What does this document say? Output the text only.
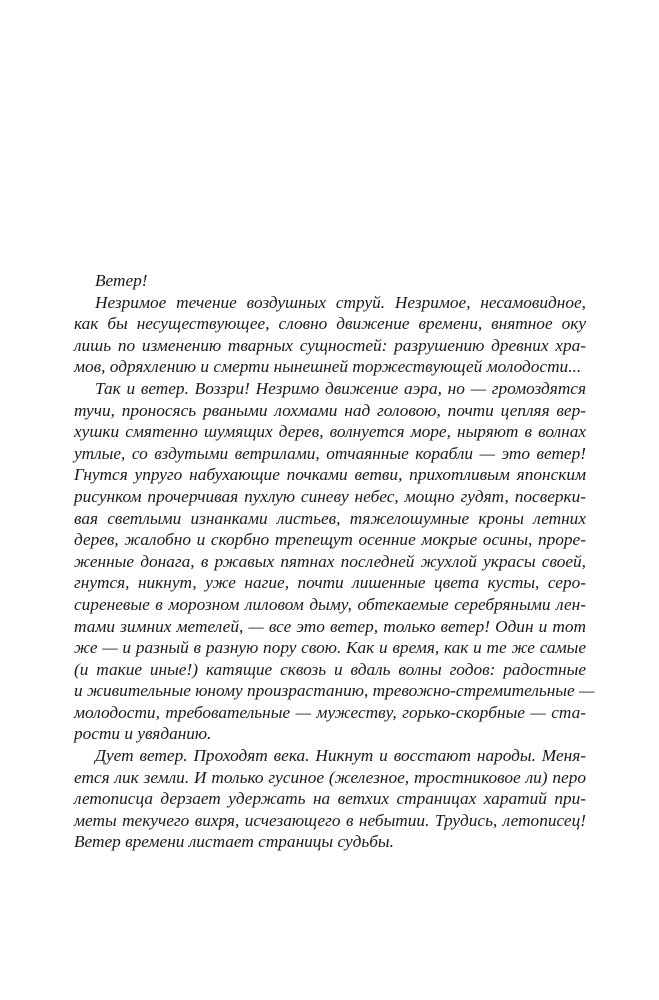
Ветер!
Незримое течение воздушных струй. Незримое, несамовидное,
как бы несуществующее, словно движение времени, внятное оку
лишь по изменению тварных сущностей: разрушению древних хра-
мов, одряхлению и смерти нынешней торжествующей молодости...
Так и ветер. Воззри! Незримо движение аэра, но — громоздятся
тучи, проносясь рваными лохмами над головою, почти цепляя вер-
хушки смятенно шумящих дерев, волнуется море, ныряют в волнах
утлые, со вздутыми ветрилами, отчаянные корабли — это ветер!
Гнутся упруго набухающие почками ветви, прихотливым японским
рисунком прочерчивая пухлую синеву небес, мощно гудят, посверки-
вая светлыми изнанками листьев, тяжелошумные кроны летних
дерев, жалобно и скорбно трепещут осенние мокрые осины, проре-
женные донага, в ржавых пятнах последней жухлой украсы своей,
гнутся, никнут, уже нагие, почти лишенные цвета кусты, серо-
сиреневые в морозном лиловом дыму, обтекаемые серебряными лен-
тами зимних метелей, — все это ветер, только ветер! Один и тот
же — и разный в разную пору свою. Как и время, как и те же самые
(и такие иные!) катящие сквозь и вдаль волны годов: радостные
и живительные юному произрастанию, тревожно-стремительные —
молодости, требовательные — мужеству, горько-скорбные — ста-
рости и увяданию.
Дует ветер. Проходят века. Никнут и восстают народы. Меня-
ется лик земли. И только гусиное (железное, тростниковое ли) перо
летописца дерзает удержать на ветхих страницах харатий при-
меты текучего вихря, исчезающего в небытии. Трудись, летописец!
Ветер времени листает страницы судьбы.
